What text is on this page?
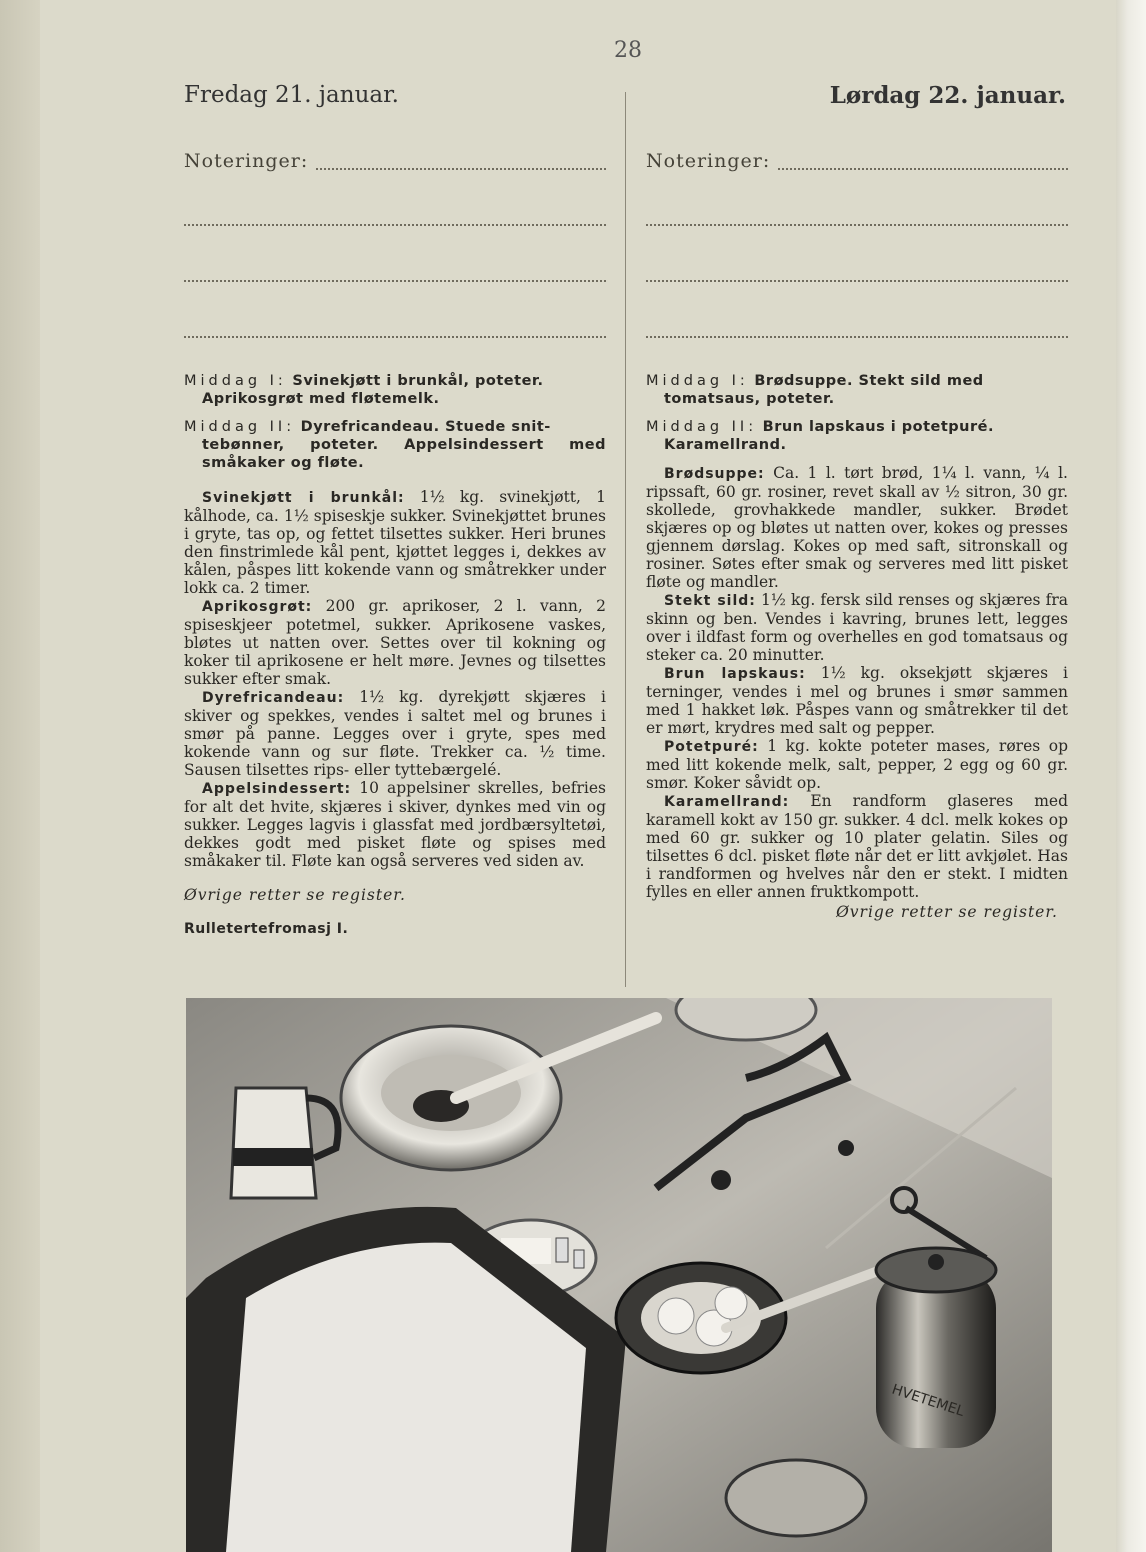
28
Fredag 21. januar.	Lørdag 22. januar.
Noteringer:	Noteringer:
Middag I: Svinekjøtt i brunkål, poteter.
Aprikosgrøt med fløtemelk.
Middag II: Dyrefricandeau. Stuede snit-
tebønner, poteter. Appelsindessert med småkaker og fløte.

Svinekjøtt i brunkål: 1½ kg. svinekjøtt, 1 kålhode, ca. 1½ spiseskje sukker. Svinekjøttet brunes i gryte, tas op, og fettet tilsettes sukker. Heri brunes den finstrimlede kål pent, kjøttet legges i, dekkes av kålen, påspes litt kokende vann og småtrekker under lokk ca. 2 timer.

Aprikosgrøt: 200 gr. aprikoser, 2 l. vann, 2 spiseskjeer potetmel, sukker. Aprikosene vaskes, bløtes ut natten over. Settes over til kokning og koker til aprikosene er helt møre. Jevnes og tilsettes sukker efter smak.

Dyrefricandeau: 1½ kg. dyrekjøtt skjæres i skiver og spekkes, vendes i saltet mel og brunes i smør på panne. Legges over i gryte, spes med kokende vann og sur fløte. Trekker ca. ½ time. Sausen tilsettes rips- eller tyttebærgelé.

Appelsindessert: 10 appelsiner skrelles, befries for alt det hvite, skjæres i skiver, dynkes med vin og sukker. Legges lagvis i glassfat med jordbærsyltetøi, dekkes godt med pisket fløte og spises med småkaker til. Fløte kan også serveres ved siden av.

Øvrige retter se register.
Rulletertefromasj I.
Middag I: Brødsuppe. Stekt sild med
tomatsaus, poteter.
Middag II: Brun lapskaus i potetpuré.
Karamellrand.

Brødsuppe: Ca. 1 l. tørt brød, 1¼ l. vann, ¼ l. ripssaft, 60 gr. rosiner, revet skall av ½ sitron, 30 gr. skollede, grovhakkede mandler, sukker. Brødet skjæres op og bløtes ut natten over, kokes og presses gjennem dørslag. Kokes op med saft, sitronskall og rosiner. Søtes efter smak og serveres med litt pisket fløte og mandler.

Stekt sild: 1½ kg. fersk sild renses og skjæres fra skinn og ben. Vendes i kavring, brunes lett, legges over i ildfast form og overhelles en god tomatsaus og steker ca. 20 minutter.

Brun lapskaus: 1½ kg. oksekjøtt skjæres i terninger, vendes i mel og brunes i smør sammen med 1 hakket løk. Påspes vann og småtrekker til det er mørt, krydres med salt og pepper.

Potetpuré: 1 kg. kokte poteter mases, røres op med litt kokende melk, salt, pepper, 2 egg og 60 gr. smør. Koker såvidt op.

Karamellrand: En randform glaseres med karamell kokt av 150 gr. sukker. 4 dcl. melk kokes op med 60 gr. sukker og 10 plater gelatin. Siles og tilsettes 6 dcl. pisket fløte når det er litt avkjølet. Has i randformen og hvelves når den er stekt. I midten fylles en eller annen fruktkompott.

Øvrige retter se register.
HVETEMEL
